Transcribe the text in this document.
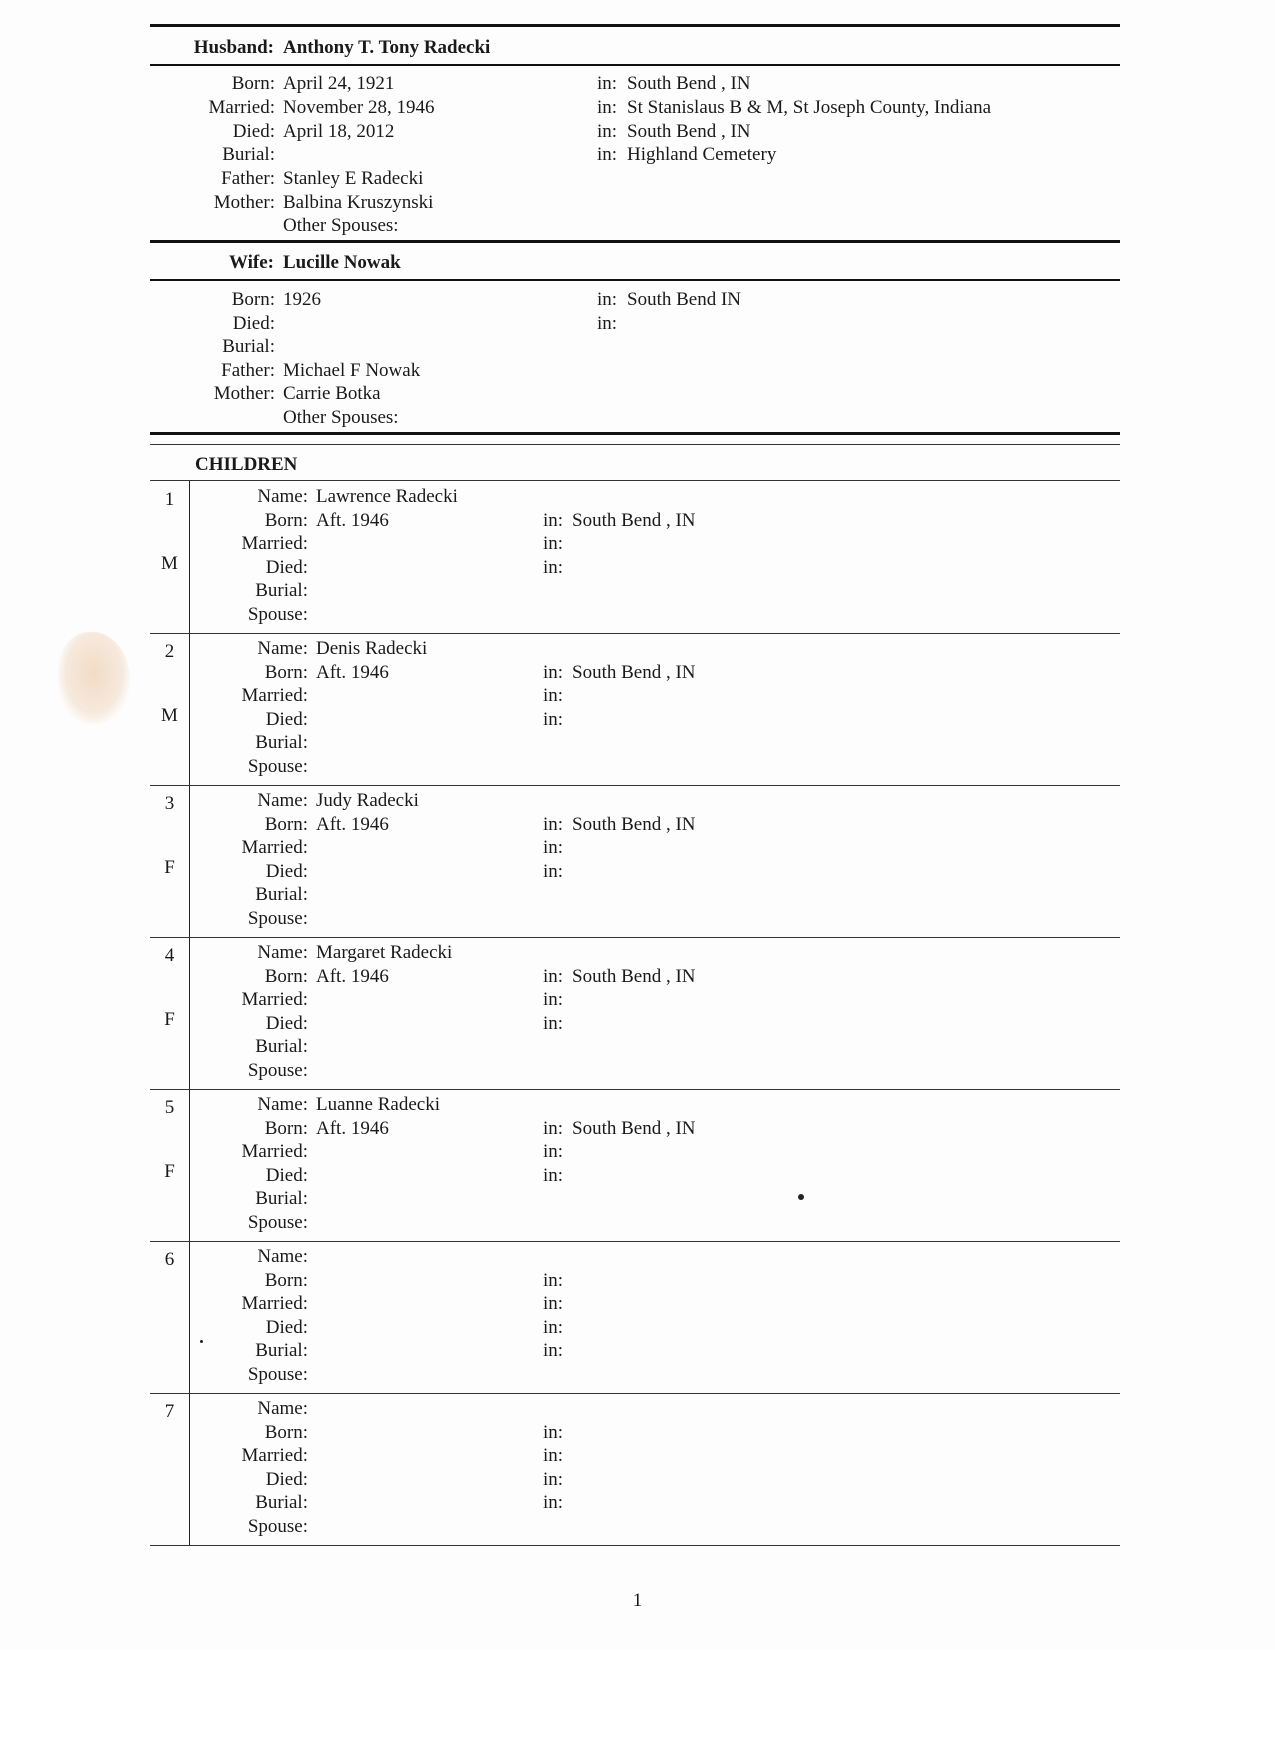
Husband: Anthony T. Tony Radecki
Born: April 24, 1921	in: South Bend , IN
Married: November 28, 1946	in: St Stanislaus B & M, St Joseph County, Indiana
Died: April 18, 2012	in: South Bend , IN
Burial:	in: Highland Cemetery
Father: Stanley E Radecki
Mother: Balbina Kruszynski
Other Spouses:
Wife: Lucille Nowak
Born: 1926	in: South Bend IN
Died:	in:
Burial:
Father: Michael F Nowak
Mother: Carrie Botka
Other Spouses:
CHILDREN
1
M
Name: Lawrence Radecki
Born: Aft. 1946	in: South Bend , IN
Married:	in:
Died:	in:
Burial:
Spouse:
2
M
Name: Denis Radecki
Born: Aft. 1946	in: South Bend , IN
Married:	in:
Died:	in:
Burial:
Spouse:
3
F
Name: Judy Radecki
Born: Aft. 1946	in: South Bend , IN
Married:	in:
Died:	in:
Burial:
Spouse:
4
F
Name: Margaret Radecki
Born: Aft. 1946	in: South Bend , IN
Married:	in:
Died:	in:
Burial:
Spouse:
5
F
Name: Luanne Radecki
Born: Aft. 1946	in: South Bend , IN
Married:	in:
Died:	in:
Burial:
Spouse:
6	Name:
Born:	in:
Married:	in:
Died:	in:
Burial:	in:
Spouse:
7	Name:
Born:	in:
Married:	in:
Died:	in:
Burial:	in:
Spouse:
1
